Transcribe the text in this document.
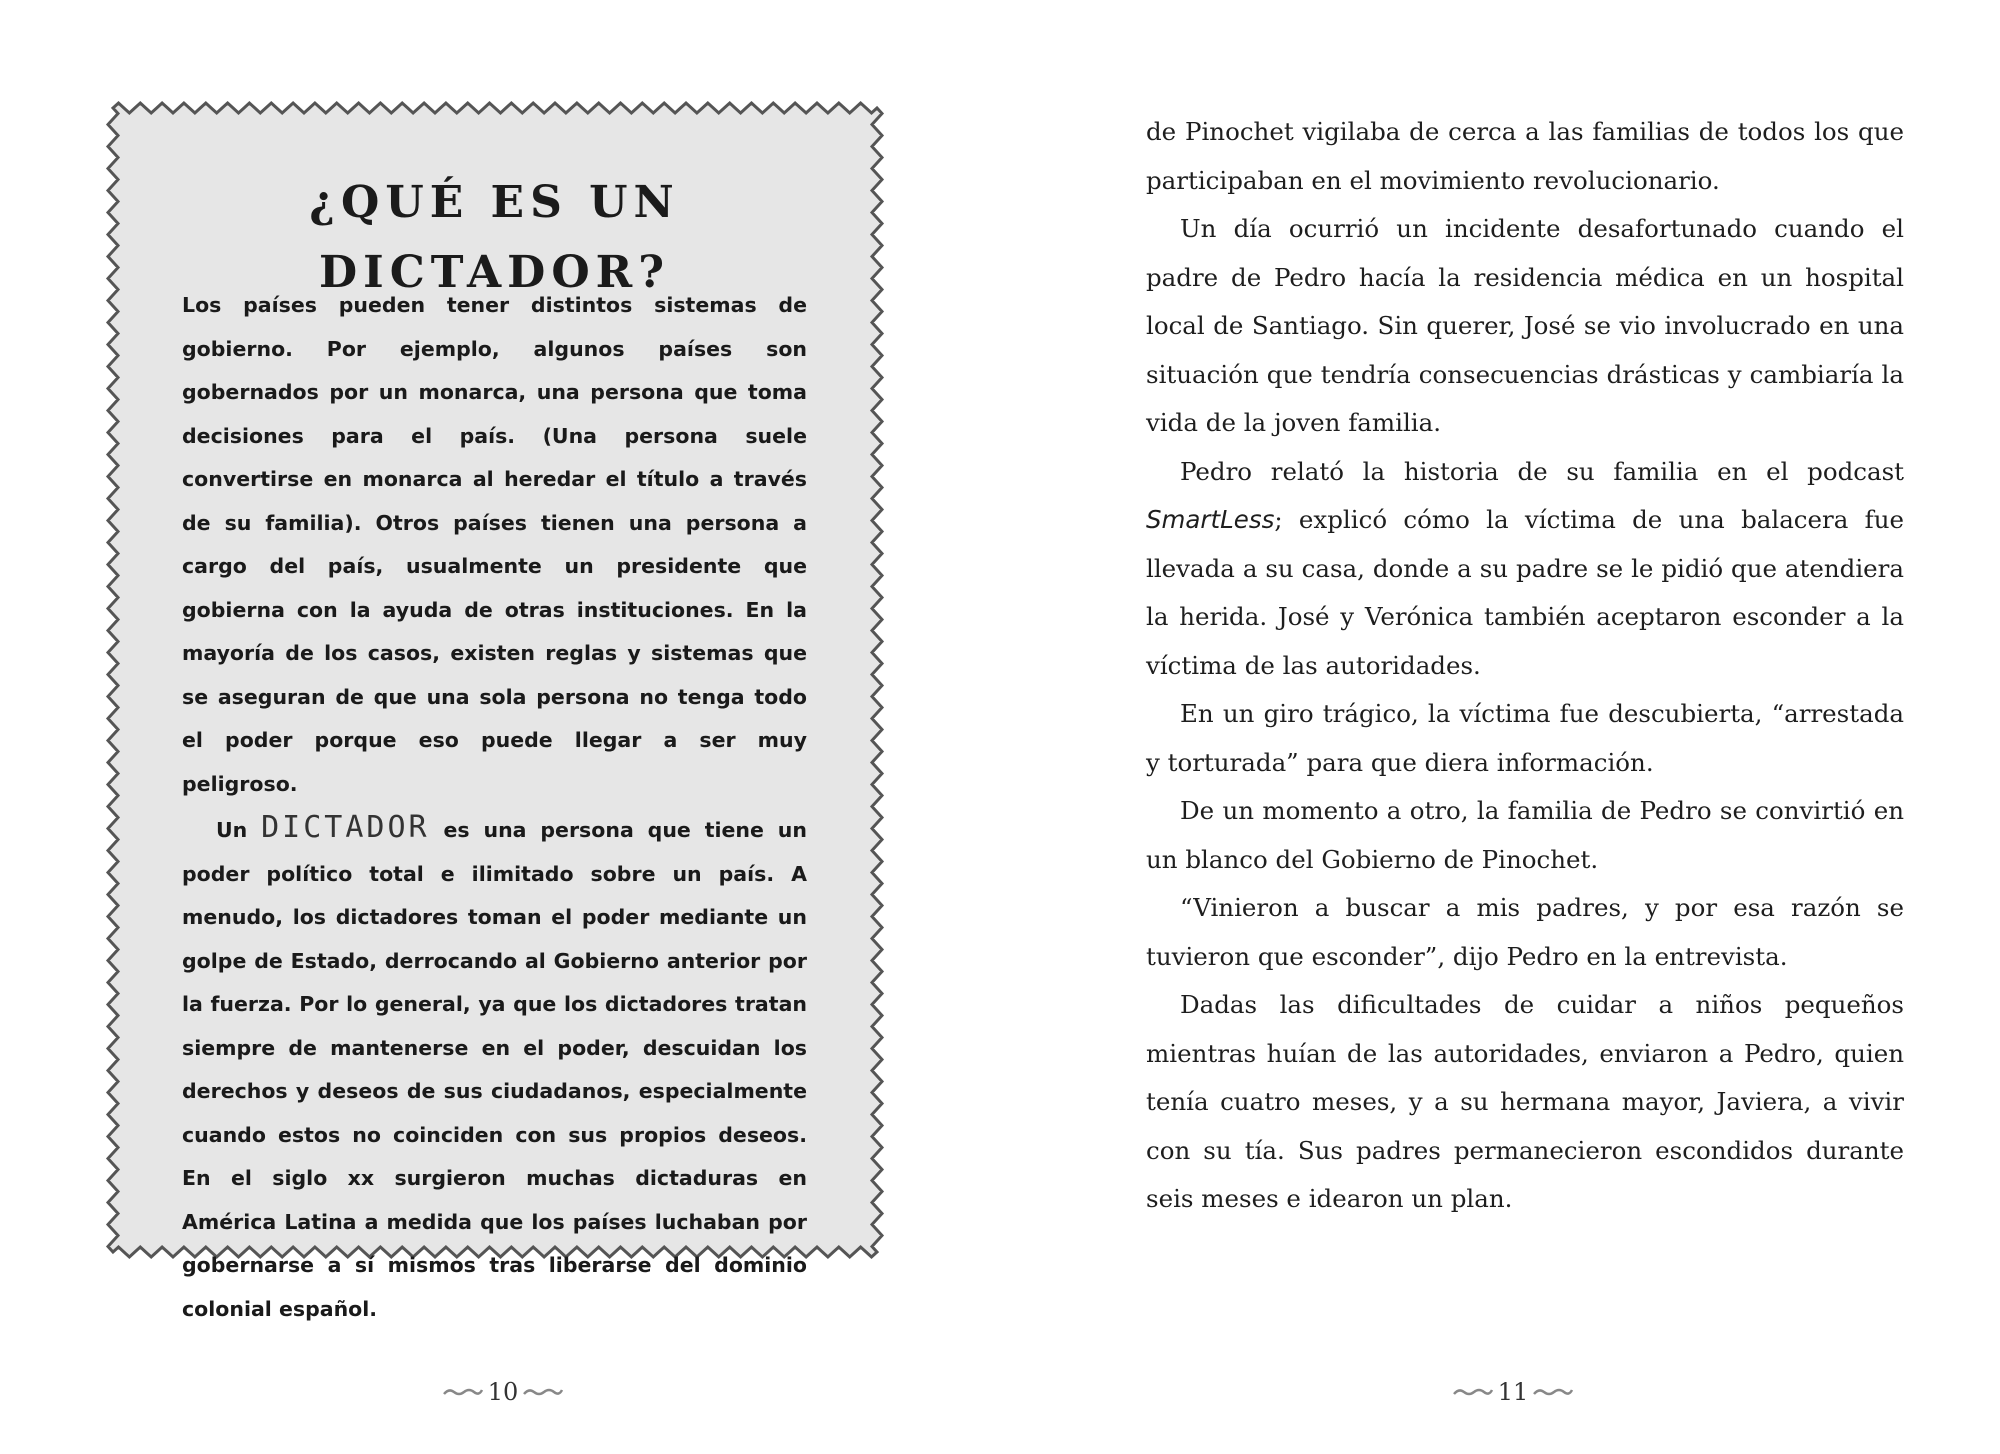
¿QUÉ ES UN DICTADOR?

Los países pueden tener distintos sistemas de gobierno. Por ejemplo, algunos países son gobernados por un monarca, una persona que toma decisiones para el país. (Una persona suele convertirse en monarca al heredar el título a través de su familia). Otros países tienen una persona a cargo del país, usualmente un presidente que gobierna con la ayuda de otras instituciones. En la mayoría de los casos, existen reglas y sistemas que se aseguran de que una sola persona no tenga todo el poder porque eso puede llegar a ser muy peligroso.

Un DICTADOR es una persona que tiene un poder político total e ilimitado sobre un país. A menudo, los dictadores toman el poder mediante un golpe de Estado, derrocando al Gobierno anterior por la fuerza. Por lo general, ya que los dictadores tratan siempre de mantenerse en el poder, descuidan los derechos y deseos de sus ciudadanos, especialmente cuando estos no coinciden con sus propios deseos. En el siglo xx surgieron muchas dictaduras en América Latina a medida que los países luchaban por gobernarse a sí mismos tras liberarse del dominio colonial español.

10

de Pinochet vigilaba de cerca a las familias de todos los que participaban en el movimiento revolucionario.

Un día ocurrió un incidente desafortunado cuando el padre de Pedro hacía la residencia médica en un hospital local de Santiago. Sin querer, José se vio involucrado en una situación que tendría consecuencias drásticas y cambiaría la vida de la joven familia.

Pedro relató la historia de su familia en el podcast SmartLess; explicó cómo la víctima de una balacera fue llevada a su casa, donde a su padre se le pidió que atendiera la herida. José y Verónica también aceptaron esconder a la víctima de las autoridades.

En un giro trágico, la víctima fue descubierta, “arrestada y torturada” para que diera información.

De un momento a otro, la familia de Pedro se convirtió en un blanco del Gobierno de Pinochet.

“Vinieron a buscar a mis padres, y por esa razón se tuvieron que esconder”, dijo Pedro en la entrevista.

Dadas las dificultades de cuidar a niños pequeños mientras huían de las autoridades, enviaron a Pedro, quien tenía cuatro meses, y a su hermana mayor, Javiera, a vivir con su tía. Sus padres permanecieron escondidos durante seis meses e idearon un plan.

11
